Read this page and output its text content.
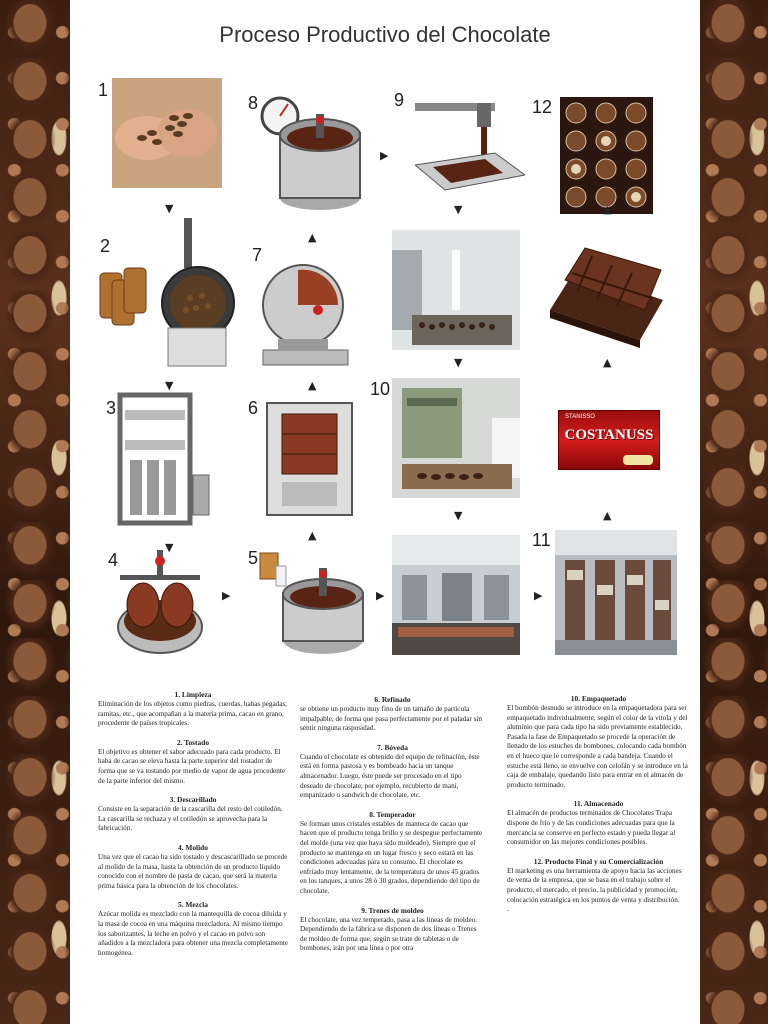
Proceso Productivo del Chocolate
1
▼
2
▼
3
▼
4
▶
8
▲
7
▲
6
▲
5
▶
9
▶
▼
▼
10
▼
▶
12
▲
▲
STANISSO
COSTANUSS
▲
11
1. Limpieza

Eliminación de los objetos como piedras, cuerdas, habas pegadas, ramitas, etc., que acompañan a la materia prima, cacao en grano, procedente de países tropicales.

2. Tostado

El objetivo es obtener el sabor adecuado para cada producto. El haba de cacao se eleva hasta la parte superior del tostador de forma que se va tostando por medio de vapor de agua procedente de la parte inferior del mismo.

3. Descarillado

Consiste en la separación de la cascarilla del resto del cotiledón. La cascarilla se rechaza y el cotiledón se aprovecha para la fabricación.

4. Molido

Una vez que el cacao ha sido tostado y descascarillado se procede al molido de la masa, hasta la obtención de un producto líquido conocido con el nombre de pasta de cacao, que será la materia prima básica para la obtención de los chocolates.

5. Mezcla

Azúcar molida es mezclado con la mantequilla de cocoa diluida y la masa de cocoa en una máquina mezcladora. Al mismo tiempo los saborizantes, la leche en polvo y el cacao en polvo son añadidos a la mezcladora para obtener una mezcla completamente homogénea.

6. Refinado

se obtiene un producto muy fino de un tamaño de partícula impalpable, de forma que pasa perfectamente por el paladar sin sentir ninguna rasposidad.

7. Bóveda

Cuando el chocolate es obtenido del equipo de refinación, éste está en forma pastosa y es bombeado hacia un tanque almacenador. Luego, éste puede ser procesado en el tipo deseado de chocolate, por ejemplo, recubierto de maní, empanizado o sandwich de chocolate, etc.

8. Temperador

Se forman unos cristales estables de manteca de cacao que hacen que el producto tenga brillo y se despegue perfectamente del molde (una vez que haya sido moldeado). Siempre que el producto se mantenga en un lugar fresco y seco estará en las condiciones adecuadas para su consumo. El chocolate es enfriado muy lentamente, de la temperatura de unos 45 grados en los tanques, a unos 28 ó 30 grados, dependiendo del tipo de chocolate.

9. Trenes de moldeo

El chocolate, una vez temperado, pasa a las líneas de moldeo. Dependiendo de la fábrica se disponen de dos líneas o Trenes de moldeo de forma que, según se trate de tabletas o de bombones, irán por una línea o por otra

10. Empaquetado

El bombón desnudo se introduce en la empaquetadora para ser empaquetado individualmente, según el color de la vitola y del aluminio que para cada tipo ha sido previamente establecido. Pasada la fase de Empaquetado se procede la operación de llenado de los estuches de bombones, colocando cada bombón en el hueco que le corresponde a cada bandeja. Cuando el estuche está lleno, se envuelve con celofán y se introduce en la caja de embalaje, quedando listo para entrar en el almacén de producto terminado.

11. Almacenado

El almacén de productos terminados de Chocolates Trapa dispone de frío y de las condiciones adecuadas para que la mercancía se conserve en perfecto estado y pueda llegar al consumidor en las mejores condiciones posibles.

12. Producto Final y su Comercialización

El marketing es una herramienta de apoyo hacia las acciones de venta de la empresa, que se basa en el trabajo sobre el producto, el mercado, el precio, la publicidad y promoción, colocación estratégica en los puntos de venta y distribución.

.
